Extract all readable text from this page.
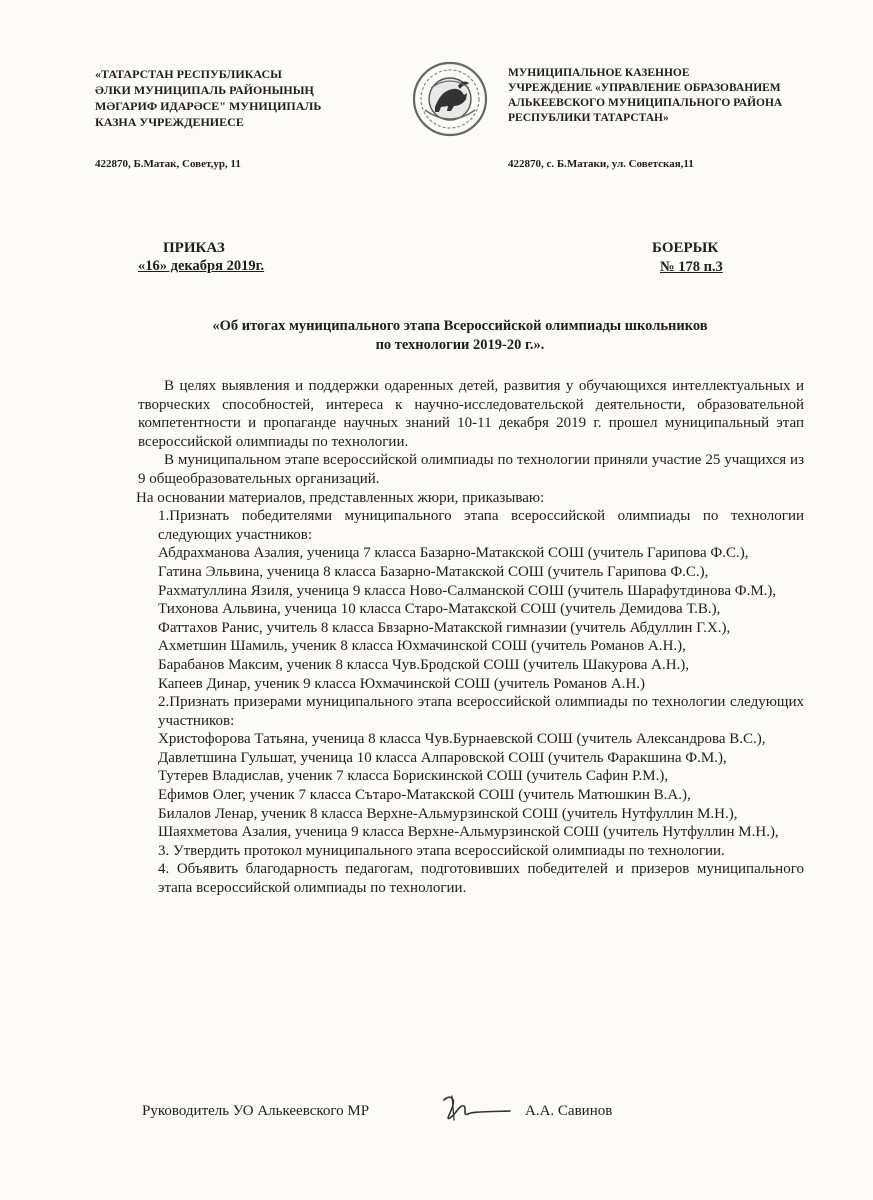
«ТАТАРСТАН РЕСПУБЛИКАСЫ
ӘЛКИ МУНИЦИПАЛЬ РАЙОНЫНЫҢ
МӘГАРИФ ИДАРӘСЕ" МУНИЦИПАЛЬ
КАЗНА УЧРЕЖДЕНИЕСЕ
МУНИЦИПАЛЬНОЕ КАЗЕННОЕ
УЧРЕЖДЕНИЕ «УПРАВЛЕНИЕ ОБРАЗОВАНИЕМ
АЛЬКЕЕВСКОГО МУНИЦИПАЛЬНОГО РАЙОНА
РЕСПУБЛИКИ ТАТАРСТАН»
422870, Б.Матак, Совет,ур, 11	422870, с. Б.Матаки, ул. Советская,11
ПРИКАЗ
«16» декабря 2019г.
БОЕРЫК
№ 178 п.3
«Об итогах муниципального этапа Всероссийской олимпиады школьников
по технологии 2019-20 г.».

В целях выявления и поддержки одаренных детей, развития у обучающихся интеллектуальных и творческих способностей, интереса к научно-исследовательской деятельности, образовательной компетентности и пропаганде научных знаний 10-11 декабря 2019 г. прошел муниципальный этап всероссийской олимпиады по технологии.

В муниципальном этапе всероссийской олимпиады по технологии приняли участие 25 учащихся из 9 общеобразовательных организаций.

На основании материалов, представленных жюри, приказываю:

1.Признать победителями муниципального этапа всероссийской олимпиады по технологии следующих участников:

Абдрахманова Азалия, ученица 7 класса Базарно-Матакской СОШ (учитель Гарипова Ф.С.),

Гатина Эльвина, ученица 8 класса Базарно-Матакской СОШ (учитель Гарипова Ф.С.),

Рахматуллина Язиля, ученица 9 класса Ново-Салманской СОШ (учитель Шарафутдинова Ф.М.),

Тихонова Альвина, ученица 10 класса Старо-Матакской СОШ (учитель Демидова Т.В.),

Фаттахов Ранис, учитель 8 класса Бвзарно-Матакской гимназии (учитель Абдуллин Г.Х.),

Ахметшин Шамиль, ученик 8 класса Юхмачинской СОШ (учитель Романов А.Н.),

Барабанов Максим, ученик 8 класса Чув.Бродской СОШ (учитель Шакурова А.Н.),

Капеев Динар, ученик 9 класса Юхмачинской СОШ (учитель Романов А.Н.)

2.Признать призерами муниципального этапа всероссийской олимпиады по технологии следующих участников:

Христофорова Татьяна, ученица 8 класса Чув.Бурнаевской СОШ (учитель Александрова В.С.),

Давлетшина Гульшат, ученица 10 класса Алпаровской СОШ (учитель Фаракшина Ф.М.),

Тутерев Владислав, ученик 7 класса Борискинской СОШ (учитель Сафин Р.М.),

Ефимов Олег, ученик 7 класса Сътаро-Матакской СОШ (учитель Матюшкин В.А.),

Билалов Ленар, ученик 8 класса Верхне-Альмурзинской СОШ (учитель Нутфуллин М.Н.),

Шаяхметова Азалия, ученица 9 класса Верхне-Альмурзинской СОШ (учитель Нутфуллин М.Н.),

3. Утвердить протокол муниципального этапа всероссийской олимпиады по технологии.

4. Объявить благодарность педагогам, подготовивших победителей и призеров муниципального этапа всероссийской олимпиады по технологии.

Руководитель УО Алькеевского МР	А.А. Савинов
